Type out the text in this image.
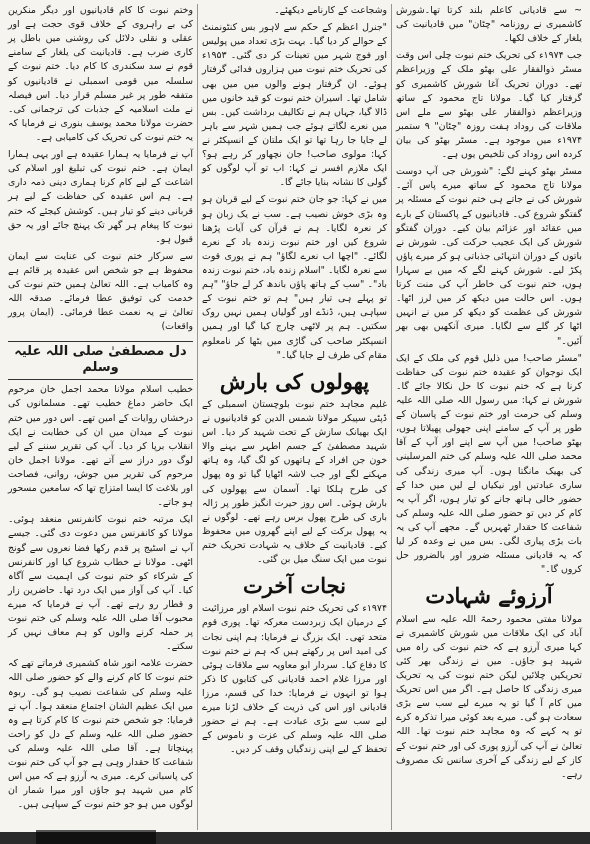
~ سے قادیانی کاعلم بلند کرتا تھا۔شورش کاشمیری نے روزنامہ "چٹان" میں قادیانیت کی یلغار کے خلاف لکھا۔

جب ۱۹۷۴ء کی تحریک ختم نبوت چلی اس وقت مسٹر ذوالفقار علی بھٹو ملک کے وزیراعظم تھے۔ دوران تحریک آغا شورش کاشمیری کو گرفتار کیا گیا۔ مولانا تاج محمود کے ساتھ وزیراعظم ذوالفقار علی بھٹو سے ملے اس ملاقات کی روداد ہفت روزہ "چٹان" ۹ ستمبر ۱۹۷۴ء میں موجود ہے۔ مسٹر بھٹو کی بیان کردہ اس روداد کی تلخیص یوں ہے۔

مسٹر بھٹو کہنے لگے: "شورش جی آپ دوست مولانا تاج محمود کے ساتھ میرے پاس آئے۔ شورش کی نے جاتے ہی ختم نبوت کے مسئلہ پر گفتگو شروع کی۔ قادیانیوں کے پاکستان کے بارے میں عقائد اور عزائم بیان کیے۔ دوران گفتگو شورش کی ایک عجیب حرکت کی۔ شورش نے باتوں کے دوران انتہائی جذباتی ہو کر میرے پاؤں پکڑ لیے۔ شورش کہنے لگے کہ میں بے سہارا ہوں، ختم نبوت کی خاطر آپ کی منت کرتا ہوں۔ اس حالت میں دیکھ کر میں لرز اٹھا۔ شورش کی عظمت کو دیکھ کر میں نے انہیں اٹھا کر گلے سے لگایا۔ میری آنکھیں بھی بھر آئیں۔"

"مسٹر صاحب! میں ذلیل قوم کی ملک کے ایک ایک نوجوان کو عقیدہ ختم نبوت کی حفاظت کرنا ہے کہ ختم نبوت کا حل نکالا جائے گا۔ شورش نے کہا: میں رسول اللہ صلی اللہ علیہ وسلم کی حرمت اور ختم نبوت کے پاسبان کے طور پر آپ کے سامنے اپنی جھولی پھیلاتا ہوں، بھٹو صاحب! میں آپ سے اپنے اور آپ کے آقا محمد صلی اللہ علیہ وسلم کی ختم المرسلینی کی بھیک مانگتا ہوں۔ آپ میری زندگی کی ساری عبادتیں اور نیکیاں لے لیں میں خدا کے حضور خالی ہاتھ جانے کو تیار ہوں، اگر آپ یہ کام کر دیں تو حضور صلی اللہ علیہ وسلم کی شفاعت کا حقدار ٹھہریں گے۔ مجھے آپ کی یہ بات بڑی پیاری لگی۔ بس میں نے وعدہ کر لیا کہ یہ قادیانی مسئلہ ضرور اور بالضرور حل کروں گا۔"

آرزوئے شہادت

مولانا مفتی محمود رحمۃ اللہ علیہ سے اسلام آباد کی ایک ملاقات میں شورش کاشمیری نے کہا میری آرزو ہے کہ ختم نبوت کی راہ میں شہید ہو جاؤں۔ میں نے زندگی بھر کئی تحریکیں چلائیں لیکن ختم نبوت کی یہ تحریک میری زندگی کا حاصل ہے۔ اگر میں اس تحریک میں کام آ گیا تو یہ میرے لیے سب سے بڑی سعادت ہو گی۔ میرے بعد کوئی میرا تذکرہ کرے تو یہ کہے کہ وہ مجاہد ختم نبوت تھا۔ اللہ تعالیٰ نے آپ کی آرزو پوری کی اور ختم نبوت کے کاز کے لیے زندگی کے آخری سانس تک مصروف رہے۔

وشجاعت کے کارنامے دیکھئے۔

"جنرل اعظم کے حکم سے لاہور بس کنٹونمنٹ کے حوالے کر دیا گیا۔ بہت بڑی تعداد میں پولیس اور فوج شہر میں تعینات کر دی گئی۔ ۱۹۵۳ء کی تحریک ختم نبوت میں ہزاروں فدائی گرفتار ہوئے۔ ان گرفتار ہونے والوں میں میں بھی شامل تھا۔ اسیران ختم نبوت کو قید خانوں میں ڈالا گیا، جہاں ہم نے تکالیف برداشت کیں۔ بس میں نعرے لگاتے ہوئے جب ہمیں شہر سے باہر لے جایا جا رہا تھا تو ایک ملتان کے انسپکٹر نے کہا: مولوی صاحب! جان نچھاور کر رہے ہو؟ ایک ملازم افسر نے کہا: اب تو آپ لوگوں کو گولی کا نشانہ بنایا جائے گا۔

میں نے کہا: جو جان ختم نبوت کے لیے قربان ہو وہ بڑی خوش نصیب ہے۔ سب نے یک زبان ہو کر نعرہ لگایا۔ ہم نے قرآن کی آیات پڑھنا شروع کیں اور ختم نبوت زندہ باد کے نعرے لگائے۔ "اچھا اب نعرے لگاؤ" ہم نے پوری قوت سے نعرہ لگایا۔ "اسلام زندہ باد، ختم نبوت زندہ باد"۔ "سب کے ہاتھ پاؤں باندھ کر لے جاؤ" "ہم تو پہلے ہی تیار ہیں" ہم تو ختم نبوت کے سپاہی ہیں، ڈنڈے اور گولیاں ہمیں نہیں روک سکتیں۔ ہم پر لاٹھی چارج کیا گیا اور ہمیں انسپکٹر صاحب کی گاڑی میں بٹھا کر نامعلوم مقام کی طرف لے جایا گیا۔"

پھولوں کی بارش

غلیم مجاہد ختم نبوت بلوچستان اسمبلی کے ڈپٹی سپیکر مولانا شمس الدین کو قادیانیوں نے ایک بھیانک سازش کے تحت شہید کر دیا۔ اس شہید مصطفیٰ کے جسم اطہر سے بہنے والا خون جن افراد کے ہاتھوں کو لگ گیا، وہ ہاتھ مہکنے لگے اور جب لاشہ اٹھایا گیا تو وہ پھول کی طرح ہلکا تھا۔ آسمان سے پھولوں کی بارش ہوئی۔ اس روز حیرت انگیز طور پر ژالہ باری کی طرح پھول برس رہے تھے۔ لوگوں نے یہ پھول برکت کے لیے اپنے گھروں میں محفوظ کیے۔ قادیانیت کے خلاف یہ شہادت تحریک ختم نبوت میں ایک سنگ میل بن گئی۔

نجات آخرت

۱۹۷۴ء کی تحریک ختم نبوت اسلام اور مرزائیت کے درمیان ایک زبردست معرکہ تھا۔ پوری قوم متحد تھی۔ ایک بزرگ نے فرمایا: ہم اپنی نجات کی امید اس پر رکھتے ہیں کہ ہم نے ختم نبوت کا دفاع کیا۔ سردار ابو معاویہ سے ملاقات ہوئی اور مرزا غلام احمد قادیانی کی کتابوں کا ذکر ہوا تو انہوں نے فرمایا: خدا کی قسم، مرزا قادیانی اور اس کی ذریت کے خلاف لڑنا میرے لیے سب سے بڑی عبادت ہے۔ ہم نے حضور صلی اللہ علیہ وسلم کی عزت و ناموس کے تحفظ کے لیے اپنی زندگیاں وقف کر دیں۔

وختم نبوت کا کام قادیانیوں اور دیگر منکرین کی بے راہروی کے خلاف قوی حجت ہے اور عقلی و نقلی دلائل کی روشنی میں باطل پر کاری ضرب ہے۔ قادیانیت کی یلغار کے سامنے قوم نے سد سکندری کا کام دیا۔ ختم نبوت کے سلسلہ میں قومی اسمبلی نے قادیانیوں کو متفقہ طور پر غیر مسلم قرار دیا۔ اس فیصلہ نے ملت اسلامیہ کے جذبات کی ترجمانی کی۔ حضرت مولانا محمد یوسف بنوری نے فرمایا کہ یہ ختم نبوت کی تحریک کی کامیابی ہے۔

آپ نے فرمایا یہ ہمارا عقیدہ ہے اور یہی ہمارا ایمان ہے۔ ختم نبوت کی تبلیغ اور اسلام کی اشاعت کے لیے کام کرنا ہماری دینی ذمہ داری ہے۔ ہم اس عقیدہ کی حفاظت کے لیے ہر قربانی دینے کو تیار ہیں۔ کوشش کیجئے کہ ختم نبوت کا پیغام ہر گھر تک پہنچ جائے اور یہ حق قبول ہو۔

سے سرکار ختم نبوت کی عنایت سے ایمان محفوظ ہے جو شخص اس عقیدہ پر قائم ہے وہ کامیاب ہے۔ اللہ تعالیٰ ہمیں ختم نبوت کی خدمت کی توفیق عطا فرمائے۔ صدقہ اللہ تعالیٰ نے یہ نعمت عطا فرمائی۔ (ایمان پرور واقعات)

دل مصطفیٰ صلی اللہ علیہ وسلم

خطیب اسلام مولانا محمد اجمل خان مرحوم ایک حاضر دماغ خطیب تھے۔ مسلمانوں کی درخشاں روایات کے امین تھے۔ اس دور میں ختم نبوت کے میدان میں ان کی خطابت نے ایک انقلاب برپا کر دیا۔ آپ کی تقریر سننے کے لیے لوگ دور دراز سے آتے تھے۔ مولانا اجمل خان مرحوم کی تقریر میں جوش، روانی، فصاحت اور بلاغت کا ایسا امتزاج تھا کہ سامعین مسحور ہو جاتے۔

ایک مرتبہ ختم نبوت کانفرنس منعقد ہوئی۔ مولانا کو کانفرنس میں دعوت دی گئی۔ جیسے آپ نے اسٹیج پر قدم رکھا فضا نعروں سے گونج اٹھی۔ مولانا نے خطاب شروع کیا اور کانفرنس کے شرکاء کو ختم نبوت کی اہمیت سے آگاہ کیا۔ آپ کی آواز میں ایک درد تھا۔ حاضرین زار و قطار رو رہے تھے۔ آپ نے فرمایا کہ میرے محبوب آقا صلی اللہ علیہ وسلم کی ختم نبوت پر حملہ کرنے والوں کو ہم معاف نہیں کر سکتے۔

حضرت علامہ انور شاہ کشمیری فرماتے تھے کہ ختم نبوت کا کام کرنے والے کو حضور صلی اللہ علیہ وسلم کی شفاعت نصیب ہو گی۔ ربوہ میں ایک عظیم الشان اجتماع منعقد ہوا۔ آپ نے فرمایا: جو شخص ختم نبوت کا کام کرتا ہے وہ حضور صلی اللہ علیہ وسلم کے دل کو راحت پہنچاتا ہے۔ آقا صلی اللہ علیہ وسلم کی شفاعت کا حقدار وہی ہے جو آپ کی ختم نبوت کی پاسبانی کرے۔ میری یہ آرزو ہے کہ میں اس کام میں شہید ہو جاؤں اور میرا شمار ان لوگوں میں ہو جو ختم نبوت کے سپاہی ہیں۔
